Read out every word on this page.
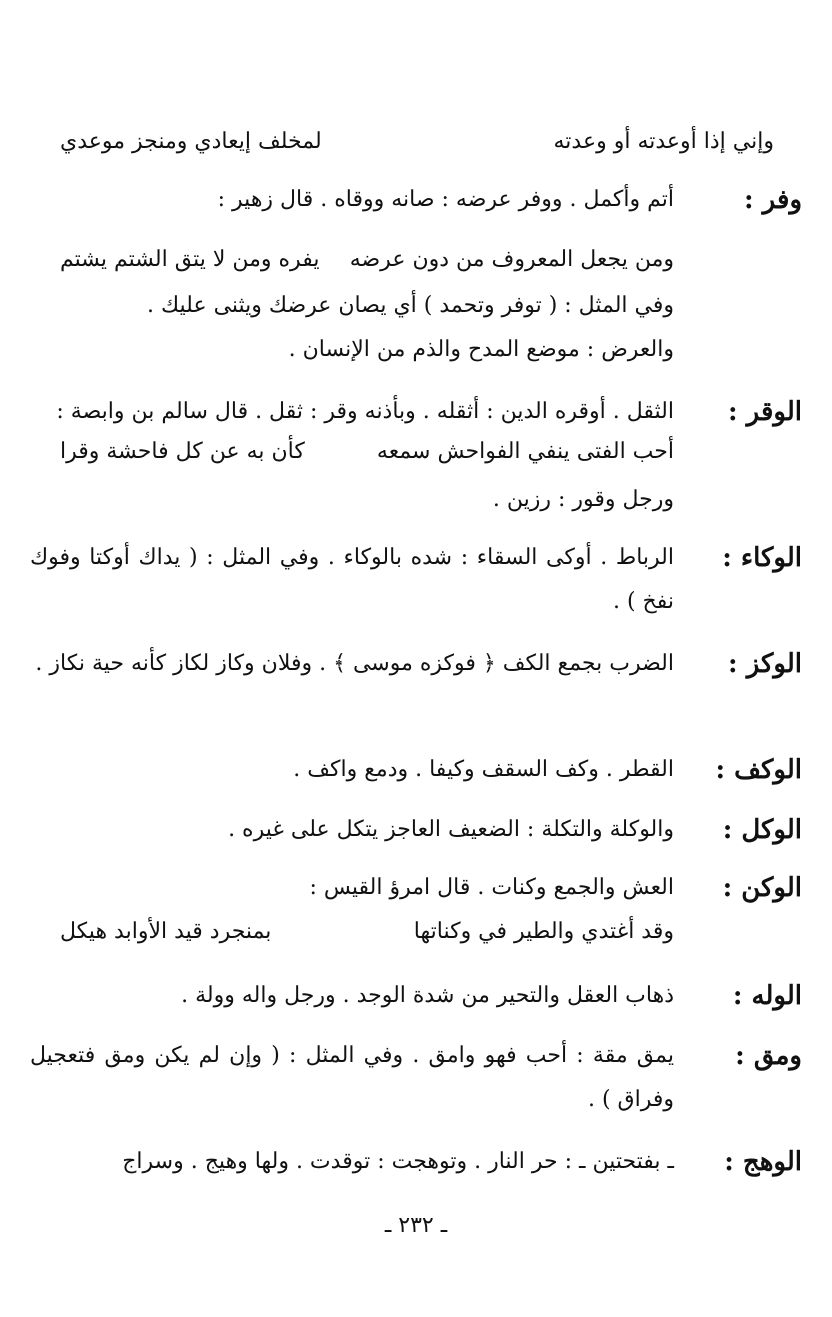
وإني إذا أوعدته أو وعدته
لمخلف إيعادي ومنجز موعدي
وفر :

أتم وأكمل . ووفر عرضه : صانه ووقاه . قال زهير :

ومن يجعل المعروف من دون عرضه
يفره ومن لا يتق الشتم يشتم
وفي المثل : ( توفر وتحمد ) أي يصان عرضك ويثنى عليك .
والعرض : موضع المدح والذم من الإنسان .
الوقر :

الثقل . أوقره الدين : أثقله . وبأذنه وقر : ثقل . قال سالم بن وابصة :

أحب الفتى ينفي الفواحش سمعه
كأن به عن كل فاحشة وقرا

ورجل وقور : رزين .

الوكاء :

الرباط . أوكى السقاء : شده بالوكاء . وفي المثل : ( يداك أوكتا وفوك نفخ ) .

الوكز :

الضرب بجمع الكف ﴿ فوكزه موسى ﴾ . وفلان وكاز لكاز كأنه حية نكاز .

الوكف :

القطر . وكف السقف وكيفا . ودمع واكف .

الوكل :

والوكلة والتكلة : الضعيف العاجز يتكل على غيره .

الوكن :

العش والجمع وكنات . قال امرؤ القيس :

وقد أغتدي والطير في وكناتها
بمنجرد قيد الأوابد هيكل
الوله :

ذهاب العقل والتحير من شدة الوجد . ورجل واله وولة .

ومق :

يمق مقة : أحب فهو وامق . وفي المثل : ( وإن لم يكن ومق فتعجيل وفراق ) .

الوهج :

ـ بفتحتين ـ : حر النار . وتوهجت : توقدت . ولها وهيج . وسراج

ـ ٢٣٢ ـ
